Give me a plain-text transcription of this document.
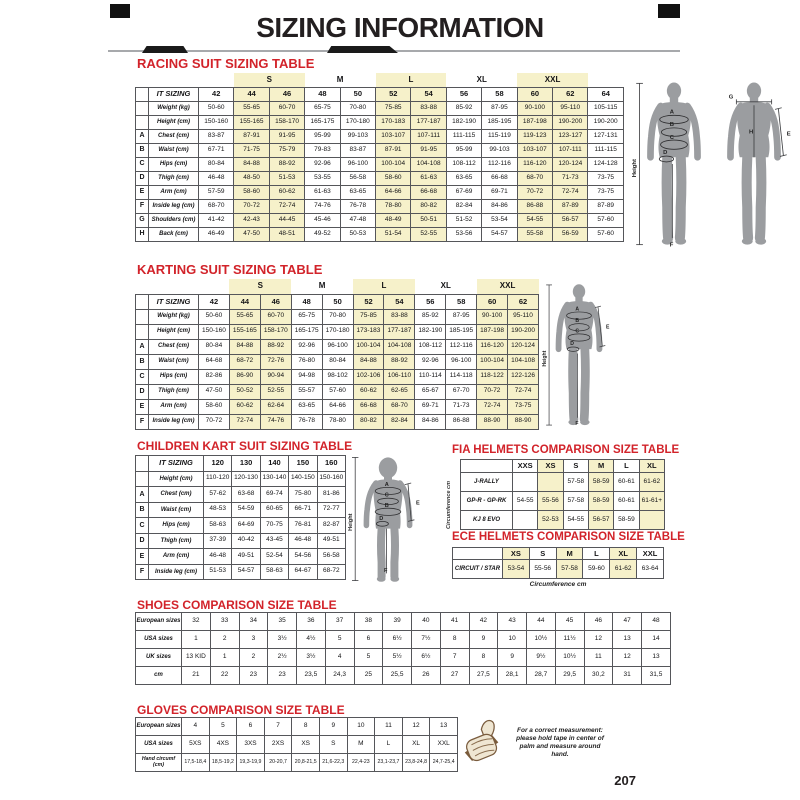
SIZING INFORMATION
RACING SUIT SIZING TABLE
			S		M		L		XL		XXL		
	IT SIZING	42	44	46	48	50	52	54	56	58	60	62	64
	Weight (kg)	50-60	55-65	60-70	65-75	70-80	75-85	83-88	85-92	87-95	90-100	95-110	105-115
	Height (cm)	150-160	155-165	158-170	165-175	170-180	170-183	177-187	182-190	185-195	187-198	190-200	190-200
A	Chest (cm)	83-87	87-91	91-95	95-99	99-103	103-107	107-111	111-115	115-119	119-123	123-127	127-131
B	Waist (cm)	67-71	71-75	75-79	79-83	83-87	87-91	91-95	95-99	99-103	103-107	107-111	111-115
C	Hips (cm)	80-84	84-88	88-92	92-96	96-100	100-104	104-108	108-112	112-116	116-120	120-124	124-128
D	Thigh (cm)	46-48	48-50	51-53	53-55	56-58	58-60	61-63	63-65	66-68	68-70	71-73	73-75
E	Arm (cm)	57-59	58-60	60-62	61-63	63-65	64-66	66-68	67-69	69-71	70-72	72-74	73-75
F	Inside leg (cm)	68-70	70-72	72-74	74-76	76-78	78-80	80-82	82-84	84-86	86-88	87-89	87-89
G	Shoulders (cm)	41-42	42-43	44-45	45-46	47-48	48-49	50-51	51-52	53-54	54-55	56-57	57-60
H	Back (cm)	46-49	47-50	48-51	49-52	50-53	51-54	52-55	53-56	54-57	55-58	56-59	57-60
KARTING SUIT SIZING TABLE
			S		M		L		XL		XXL	
	IT SIZING	42	44	46	48	50	52	54	56	58	60	62
	Weight (kg)	50-60	55-65	60-70	65-75	70-80	75-85	83-88	85-92	87-95	90-100	95-110
	Height (cm)	150-160	155-165	158-170	165-175	170-180	173-183	177-187	182-190	185-195	187-198	190-200
A	Chest (cm)	80-84	84-88	88-92	92-96	96-100	100-104	104-108	108-112	112-116	116-120	120-124
B	Waist (cm)	64-68	68-72	72-76	76-80	80-84	84-88	88-92	92-96	96-100	100-104	104-108
C	Hips (cm)	82-86	86-90	90-94	94-98	98-102	102-106	106-110	110-114	114-118	118-122	122-126
D	Thigh (cm)	47-50	50-52	52-55	55-57	57-60	60-62	62-65	65-67	67-70	70-72	72-74
E	Arm (cm)	58-60	60-62	62-64	63-65	64-66	66-68	68-70	69-71	71-73	72-74	73-75
F	Inside leg (cm)	70-72	72-74	74-76	76-78	78-80	80-82	82-84	84-86	86-88	88-90	88-90
CHILDREN KART SUIT SIZING TABLE
	IT SIZING	120	130	140	150	160
	Height (cm)	110-120	120-130	130-140	140-150	150-160
A	Chest (cm)	57-62	63-68	69-74	75-80	81-86
B	Waist (cm)	48-53	54-59	60-65	66-71	72-77
C	Hips (cm)	58-63	64-69	70-75	76-81	82-87
D	Thigh (cm)	37-39	40-42	43-45	46-48	49-51
E	Arm (cm)	46-48	49-51	52-54	54-56	56-58
F	Inside leg (cm)	51-53	54-57	58-63	64-67	68-72
FIA HELMETS COMPARISON SIZE TABLE
Circumference cm
	XXS	XS	S	M	L	XL
J-RALLY			57-58	58-59	60-61	61-62
GP-R - GP-RK	54-55	55-56	57-58	58-59	60-61	61-61+
KJ 8 EVO		52-53	54-55	56-57	58-59	
ECE HELMETS COMPARISON SIZE TABLE
	XS	S	M	L	XL	XXL
CIRCUIT / STAR	53-54	55-56	57-58	59-60	61-62	63-64
Circumference cm
SHOES COMPARISON SIZE TABLE
European sizes	32	33	34	35	36	37	38	39	40	41	42	43	44	45	46	47	48
USA sizes	1	2	3	3½	4½	5	6	6½	7½	8	9	10	10½	11½	12	13	14
UK sizes	13 KID	1	2	2½	3½	4	5	5½	6½	7	8	9	9½	10½	11	12	13
cm	21	22	23	23	23,5	24,3	25	25,5	26	27	27,5	28,1	28,7	29,5	30,2	31	31,5
GLOVES COMPARISON SIZE TABLE
European sizes	4	5	6	7	8	9	10	11	12	13
USA sizes	5XS	4XS	3XS	2XS	XS	S	M	L	XL	XXL
Hand circumf (cm)	17,5-18,4	18,5-19,2	19,3-19,9	20-20,7	20,8-21,5	21,6-22,3	22,4-23	23,1-23,7	23,8-24,8	24,7-25,4
Height
A
B
C
D
F
G
E
H
Height
A
B
C
D
E
F
Height
A
C
B
D
E
F
For a correct measurement: please hold tape in center of palm and measure around hand.
207
